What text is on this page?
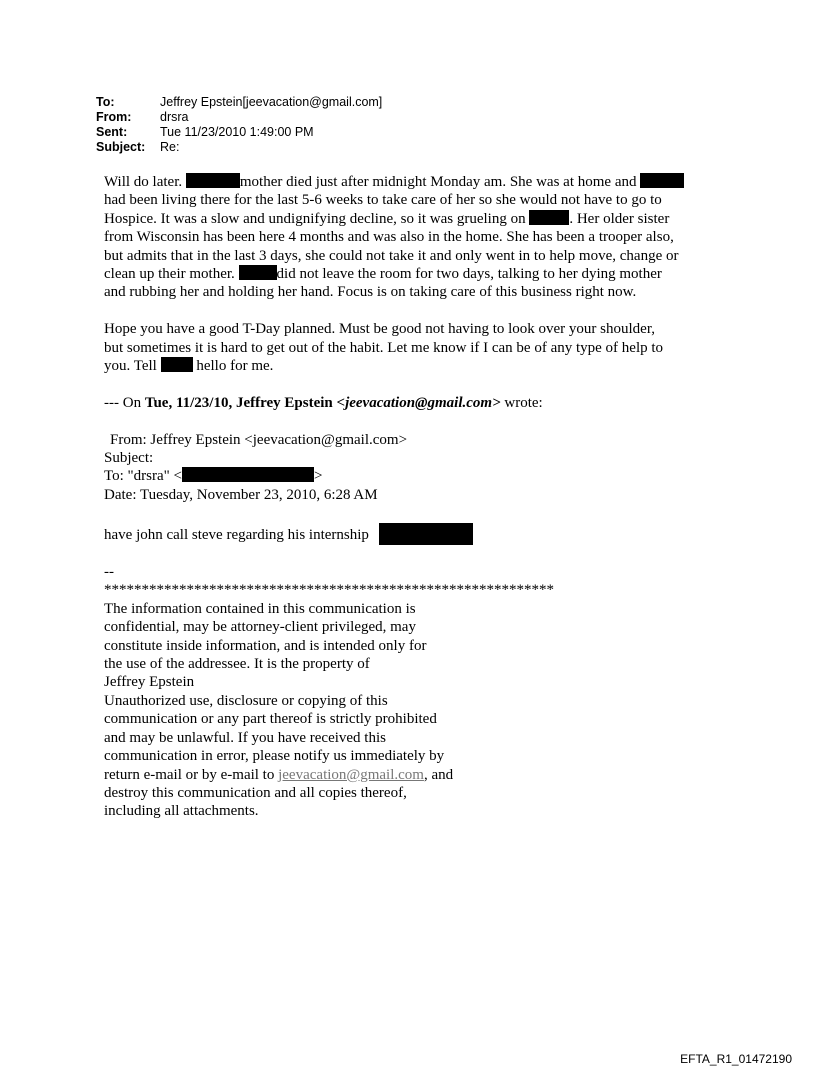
To:	Jeffrey Epstein[jeevacation@gmail.com]
From:	drsra
Sent:	Tue 11/23/2010 1:49:00 PM
Subject:	Re:

Will do later.	mother died just after midnight Monday am. She was at home and
had been living there for the last 5-6 weeks to take care of her so she would not have to go to
Hospice. It was a slow and undignifying decline, so it was grueling on	. Her older sister
from Wisconsin has been here 4 months and was also in the home. She has been a trooper also,
but admits that in the last 3 days, she could not take it and only went in to help move, change or
clean up their mother.	did not leave the room for two days, talking to her dying mother
and rubbing her and holding her hand. Focus is on taking care of this business right now.

Hope you have a good T-Day planned. Must be good not having to look over your shoulder,
but sometimes it is hard to get out of the habit. Let me know if I can be of any type of help to
you. Tell	hello for me.

--- On Tue, 11/23/10, Jeffrey Epstein <jeevacation@gmail.com> wrote:

From: Jeffrey Epstein <jeevacation@gmail.com>

Subject:

To: "drsra" <	>

Date: Tuesday, November 23, 2010, 6:28 AM

have john call steve regarding his internship

--

************************************************************

The information contained in this communication is

confidential, may be attorney-client privileged, may

constitute inside information, and is intended only for

the use of the addressee. It is the property of

Jeffrey Epstein

Unauthorized use, disclosure or copying of this

communication or any part thereof is strictly prohibited

and may be unlawful. If you have received this

communication in error, please notify us immediately by

return e-mail or by e-mail to jeevacation@gmail.com, and

destroy this communication and all copies thereof,

including all attachments.

EFTA_R1_01472190
